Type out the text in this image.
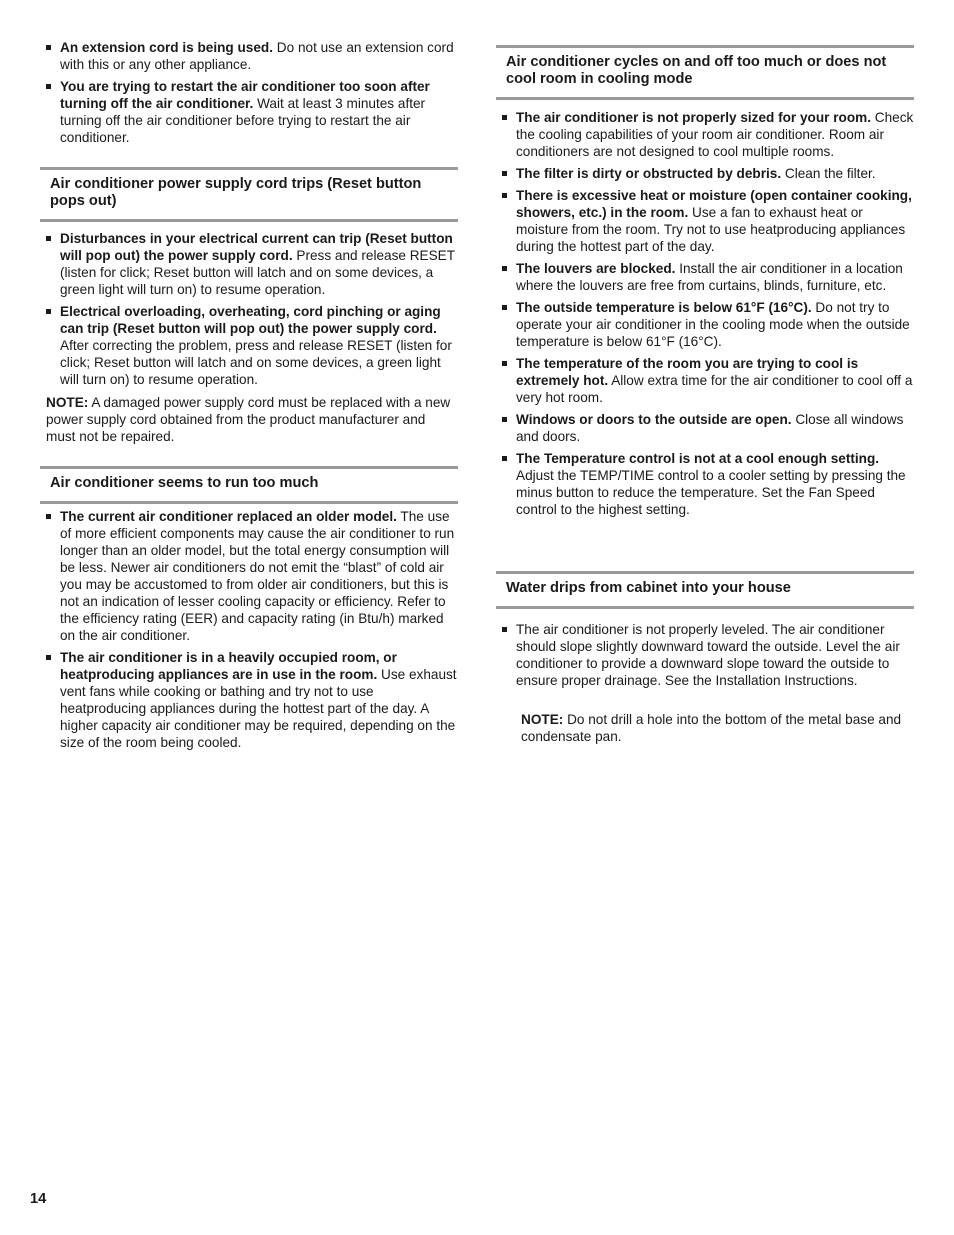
An extension cord is being used. Do not use an extension cord with this or any other appliance.
You are trying to restart the air conditioner too soon after turning off the air conditioner. Wait at least 3 minutes after turning off the air conditioner before trying to restart the air conditioner.
Air conditioner power supply cord trips (Reset button pops out)
Disturbances in your electrical current can trip (Reset button will pop out) the power supply cord. Press and release RESET (listen for click; Reset button will latch and on some devices, a green light will turn on) to resume operation.
Electrical overloading, overheating, cord pinching or aging can trip (Reset button will pop out) the power supply cord. After correcting the problem, press and release RESET (listen for click; Reset button will latch and on some devices, a green light will turn on) to resume operation.

NOTE: A damaged power supply cord must be replaced with a new power supply cord obtained from the product manufacturer and must not be repaired.

Air conditioner seems to run too much
The current air conditioner replaced an older model. The use of more efficient components may cause the air conditioner to run longer than an older model, but the total energy consumption will be less. Newer air conditioners do not emit the “blast” of cold air you may be accustomed to from older air conditioners, but this is not an indication of lesser cooling capacity or efficiency. Refer to the efficiency rating (EER) and capacity rating (in Btu/h) marked on the air conditioner.
The air conditioner is in a heavily occupied room, or heatproducing appliances are in use in the room. Use exhaust vent fans while cooking or bathing and try not to use heatproducing appliances during the hottest part of the day. A higher capacity air conditioner may be required, depending on the size of the room being cooled.
Air conditioner cycles on and off too much or does not cool room in cooling mode
The air conditioner is not properly sized for your room. Check the cooling capabilities of your room air conditioner. Room air conditioners are not designed to cool multiple rooms.
The filter is dirty or obstructed by debris. Clean the filter.
There is excessive heat or moisture (open container cooking, showers, etc.) in the room. Use a fan to exhaust heat or moisture from the room. Try not to use heatproducing appliances during the hottest part of the day.
The louvers are blocked. Install the air conditioner in a location where the louvers are free from curtains, blinds, furniture, etc.
The outside temperature is below 61°F (16°C). Do not try to operate your air conditioner in the cooling mode when the outside temperature is below 61°F (16°C).
The temperature of the room you are trying to cool is extremely hot. Allow extra time for the air conditioner to cool off a very hot room.
Windows or doors to the outside are open. Close all windows and doors.
The Temperature control is not at a cool enough setting. Adjust the TEMP/TIME control to a cooler setting by pressing the minus button to reduce the temperature. Set the Fan Speed control to the highest setting.
Water drips from cabinet into your house
The air conditioner is not properly leveled. The air conditioner should slope slightly downward toward the outside. Level the air conditioner to provide a downward slope toward the outside to ensure proper drainage. See the Installation Instructions.

NOTE: Do not drill a hole into the bottom of the metal base and condensate pan.

14
